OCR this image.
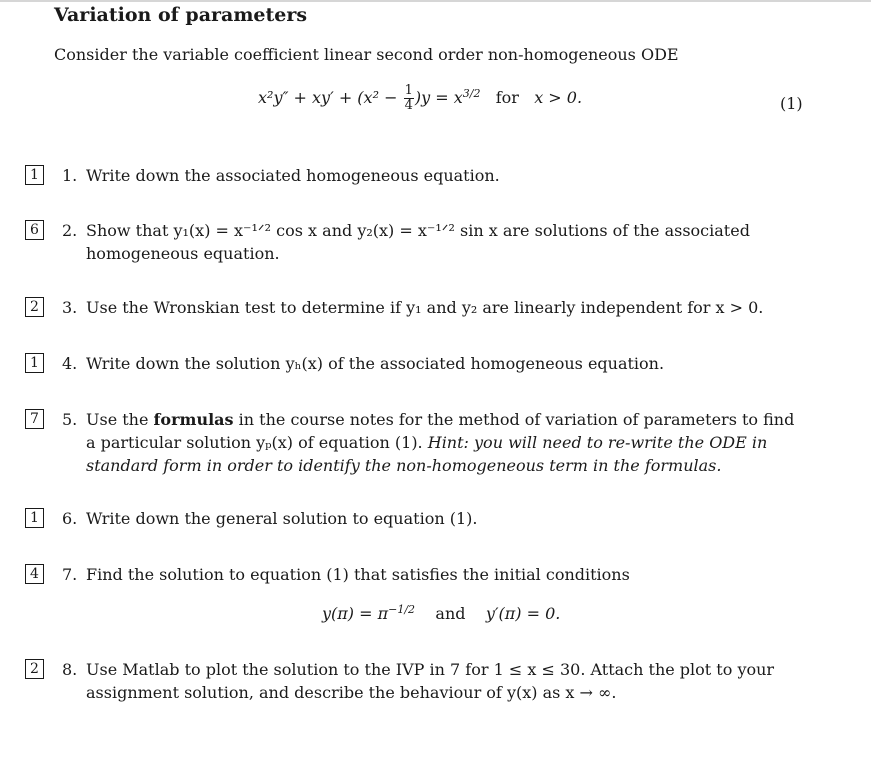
Variation of parameters
Consider the variable coefficient linear second order non-homogeneous ODE
$x^2y'' + xy' + (x^2 - \frac{1}{4} )y = x^{3/2}$ for x > 0.	(1)
1	1. Write down the associated homogeneous equation.
6	2. Show that y₁(x) = x⁻¹ᐟ² cos x and y₂(x) = x⁻¹ᐟ² sin x are solutions of the associated homogeneous equation.
2	3. Use the Wronskian test to determine if y₁ and y₂ are linearly independent for x > 0.
1	4. Write down the solution yₕ(x) of the associated homogeneous equation.
7	5. Use the formulas in the course notes for the method of variation of parameters to find a particular solution yₚ(x) of equation (1). Hint: you will need to re-write the ODE in standard form in order to identify the non-homogeneous term in the formulas.
1	6. Write down the general solution to equation (1).
4	7. Find the solution to equation (1) that satisfies the initial conditions
$y(\pi) = \pi^{-1/2}$ and y′(π) = 0.
2	8. Use Matlab to plot the solution to the IVP in 7 for 1 ≤ x ≤ 30. Attach the plot to your assignment solution, and describe the behaviour of y(x) as x → ∞.
